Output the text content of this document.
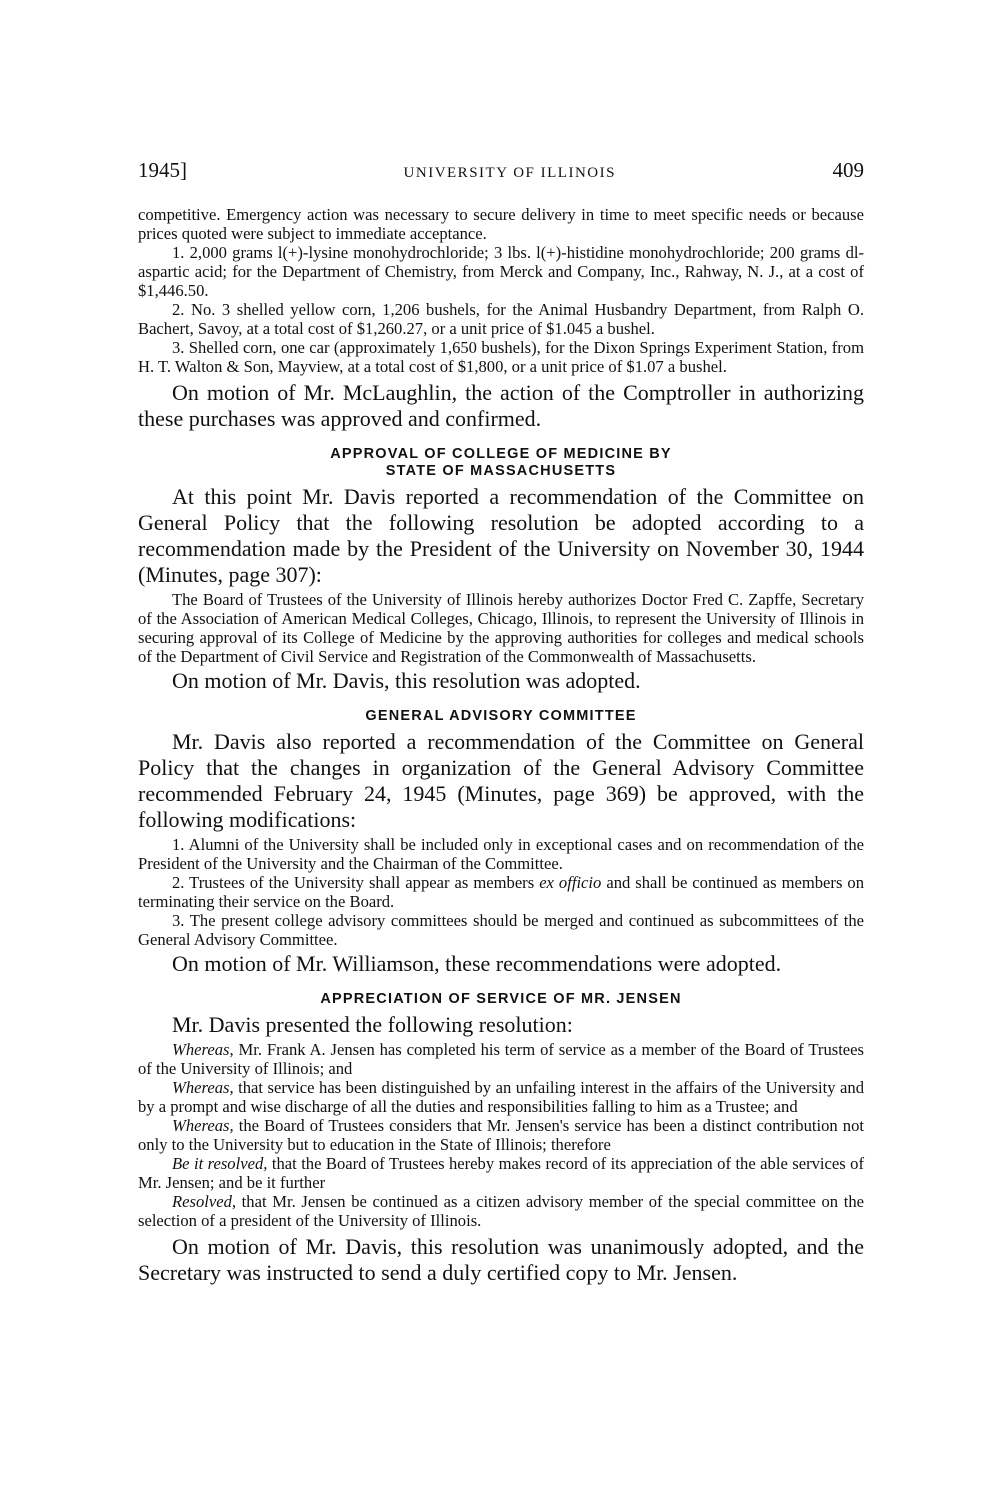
1945]	UNIVERSITY OF ILLINOIS	409

competitive. Emergency action was necessary to secure delivery in time to meet specific needs or because prices quoted were subject to immediate acceptance.

1. 2,000 grams l(+)-lysine monohydrochloride; 3 lbs. l(+)-histidine monohydrochloride; 200 grams dl-aspartic acid; for the Department of Chemistry, from Merck and Company, Inc., Rahway, N. J., at a cost of $1,446.50.

2. No. 3 shelled yellow corn, 1,206 bushels, for the Animal Husbandry Department, from Ralph O. Bachert, Savoy, at a total cost of $1,260.27, or a unit price of $1.045 a bushel.

3. Shelled corn, one car (approximately 1,650 bushels), for the Dixon Springs Experiment Station, from H. T. Walton & Son, Mayview, at a total cost of $1,800, or a unit price of $1.07 a bushel.

On motion of Mr. McLaughlin, the action of the Comptroller in authorizing these purchases was approved and confirmed.

APPROVAL OF COLLEGE OF MEDICINE BY
STATE OF MASSACHUSETTS

At this point Mr. Davis reported a recommendation of the Committee on General Policy that the following resolution be adopted according to a recommendation made by the President of the University on November 30, 1944 (Minutes, page 307):

The Board of Trustees of the University of Illinois hereby authorizes Doctor Fred C. Zapffe, Secretary of the Association of American Medical Colleges, Chicago, Illinois, to represent the University of Illinois in securing approval of its College of Medicine by the approving authorities for colleges and medical schools of the Department of Civil Service and Registration of the Commonwealth of Massachusetts.

On motion of Mr. Davis, this resolution was adopted.

GENERAL ADVISORY COMMITTEE

Mr. Davis also reported a recommendation of the Committee on General Policy that the changes in organization of the General Advisory Committee recommended February 24, 1945 (Minutes, page 369) be approved, with the following modifications:

1. Alumni of the University shall be included only in exceptional cases and on recommendation of the President of the University and the Chairman of the Committee.

2. Trustees of the University shall appear as members ex officio and shall be continued as members on terminating their service on the Board.

3. The present college advisory committees should be merged and continued as subcommittees of the General Advisory Committee.

On motion of Mr. Williamson, these recommendations were adopted.

APPRECIATION OF SERVICE OF MR. JENSEN

Mr. Davis presented the following resolution:

Whereas, Mr. Frank A. Jensen has completed his term of service as a member of the Board of Trustees of the University of Illinois; and

Whereas, that service has been distinguished by an unfailing interest in the affairs of the University and by a prompt and wise discharge of all the duties and responsibilities falling to him as a Trustee; and

Whereas, the Board of Trustees considers that Mr. Jensen's service has been a distinct contribution not only to the University but to education in the State of Illinois; therefore

Be it resolved, that the Board of Trustees hereby makes record of its appreciation of the able services of Mr. Jensen; and be it further

Resolved, that Mr. Jensen be continued as a citizen advisory member of the special committee on the selection of a president of the University of Illinois.

On motion of Mr. Davis, this resolution was unanimously adopted, and the Secretary was instructed to send a duly certified copy to Mr. Jensen.
